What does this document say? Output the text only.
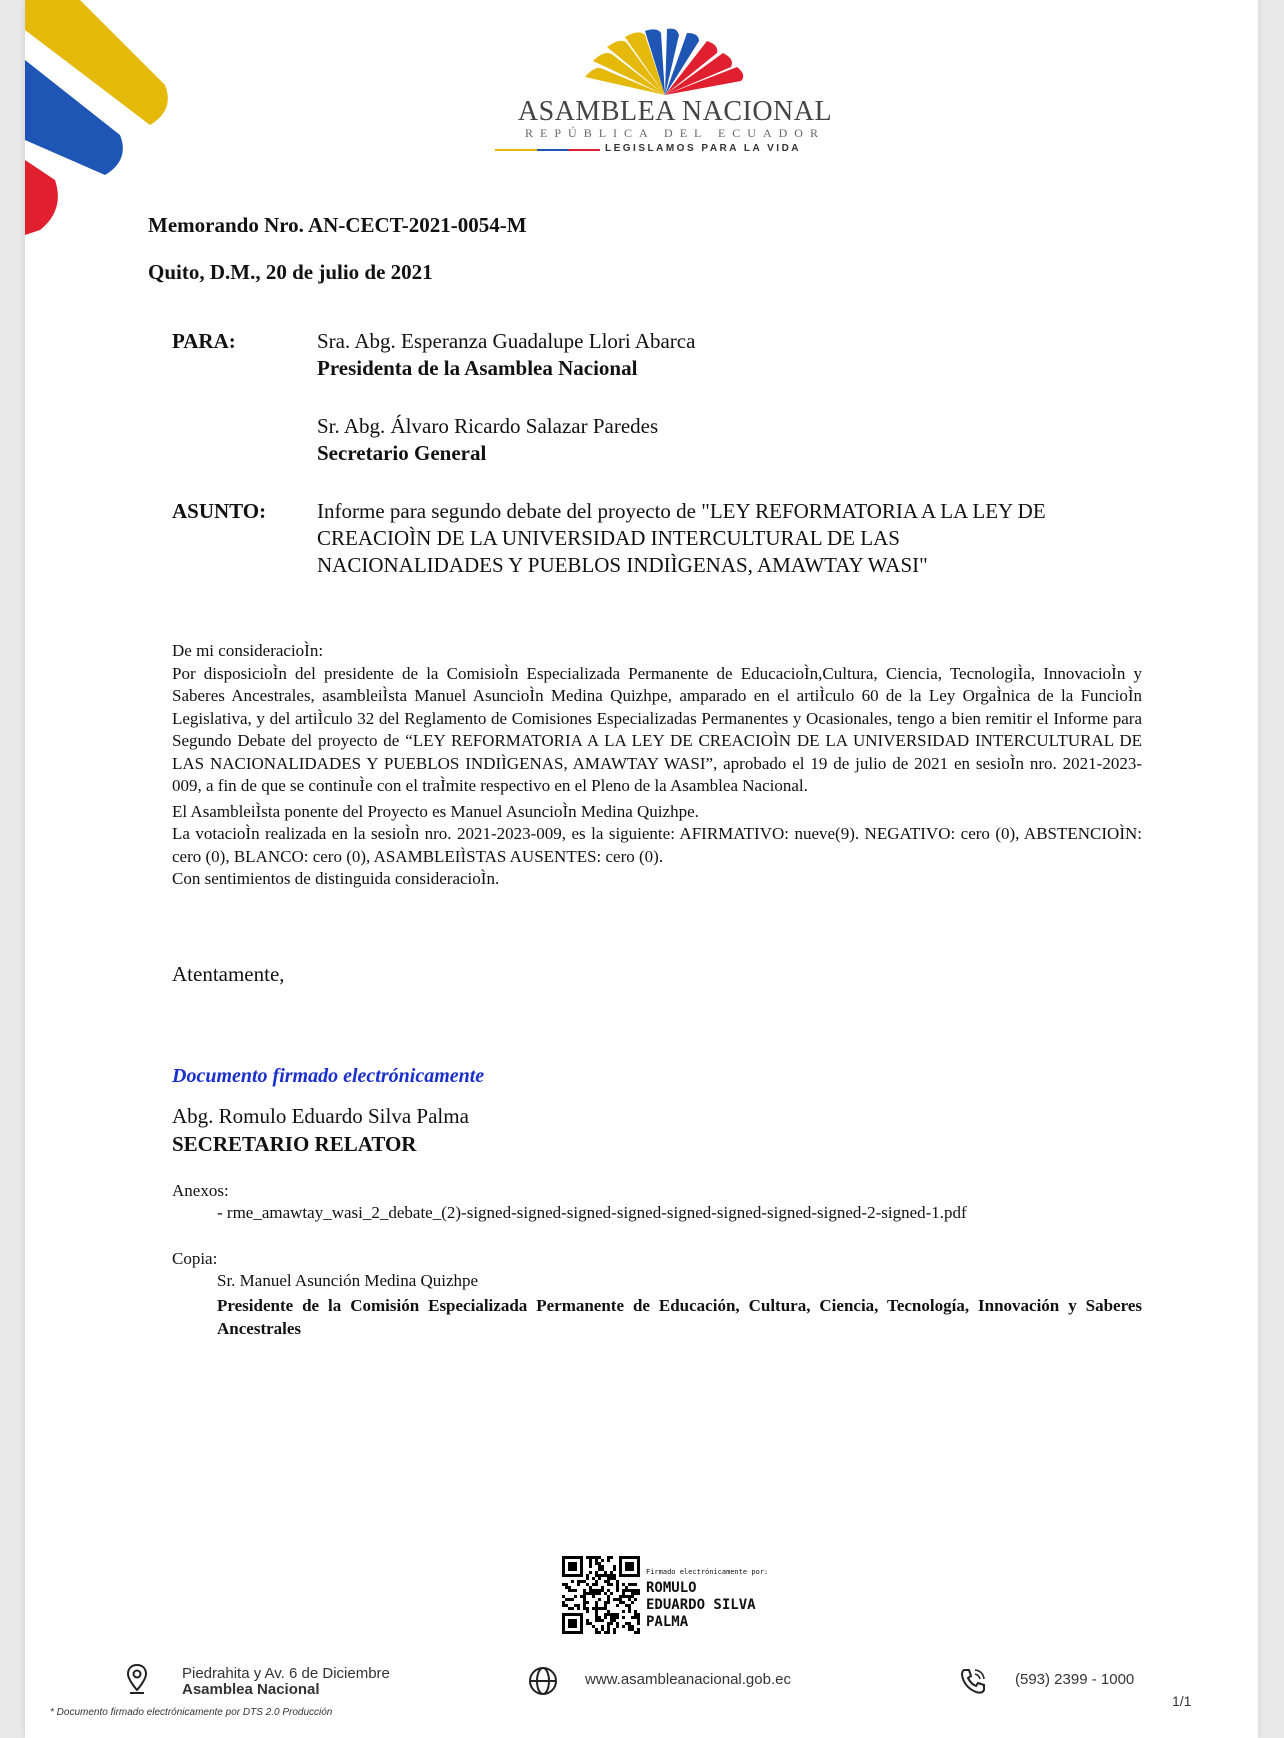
ASAMBLEA NACIONAL
REPÚBLICA DEL ECUADOR
LEGISLAMOS PARA LA VIDA
Memorando Nro. AN-CECT-2021-0054-M
Quito, D.M., 20 de julio de 2021
PARA:	Sra. Abg. Esperanza Guadalupe Llori Abarca
Presidenta de la Asamblea Nacional
Sr. Abg. Álvaro Ricardo Salazar Paredes
Secretario General
ASUNTO: Informe para segundo debate del proyecto de "LEY REFORMATORIA A LA LEY DE
CREACIOÌN DE LA UNIVERSIDAD INTERCULTURAL DE LAS
NACIONALIDADES Y PUEBLOS INDIÌGENAS, AMAWTAY WASI"
De mi consideracioÌn:
Por disposicioÌn del presidente de la ComisioÌn Especializada Permanente de EducacioÌn,Cultura, Ciencia, TecnologiÌa, InnovacioÌn y Saberes Ancestrales, asambleiÌsta Manuel AsuncioÌn Medina Quizhpe, amparado en el artiÌculo 60 de la Ley OrgaÌnica de la FuncioÌn Legislativa, y del artiÌculo 32 del Reglamento de Comisiones Especializadas Permanentes y Ocasionales, tengo a bien remitir el Informe para Segundo Debate del proyecto de “LEY REFORMATORIA A LA LEY DE CREACIOÌN DE LA UNIVERSIDAD INTERCULTURAL DE LAS NACIONALIDADES Y PUEBLOS INDIÌGENAS, AMAWTAY WASI”, aprobado el 19 de julio de 2021 en sesioÌn nro. 2021-2023-009, a fin de que se continuÌe con el traÌmite respectivo en el Pleno de la Asamblea Nacional.
El AsambleiÌsta ponente del Proyecto es Manuel AsuncioÌn Medina Quizhpe.
La votacioÌn realizada en la sesioÌn nro. 2021-2023-009, es la siguiente: AFIRMATIVO: nueve(9). NEGATIVO: cero (0), ABSTENCIOÌN: cero (0), BLANCO: cero (0), ASAMBLEIÌSTAS AUSENTES: cero (0).
Con sentimientos de distinguida consideracioÌn.
Atentamente,
Documento firmado electrónicamente
Abg. Romulo Eduardo Silva Palma
SECRETARIO RELATOR
Anexos:
- rme_amawtay_wasi_2_debate_(2)-signed-signed-signed-signed-signed-signed-signed-signed-2-signed-1.pdf
Copia:
Sr. Manuel Asunción Medina Quizhpe
Presidente de la Comisión Especializada Permanente de Educación, Cultura, Ciencia, Tecnología, Innovación y Saberes Ancestrales
Firmado electrónicamente por:
ROMULO
EDUARDO SILVA
PALMA
Piedrahita y Av. 6 de Diciembre
Asamblea Nacional
www.asambleanacional.gob.ec	(593) 2399 - 1000
1/1
* Documento firmado electrónicamente por DTS 2.0 Producción
